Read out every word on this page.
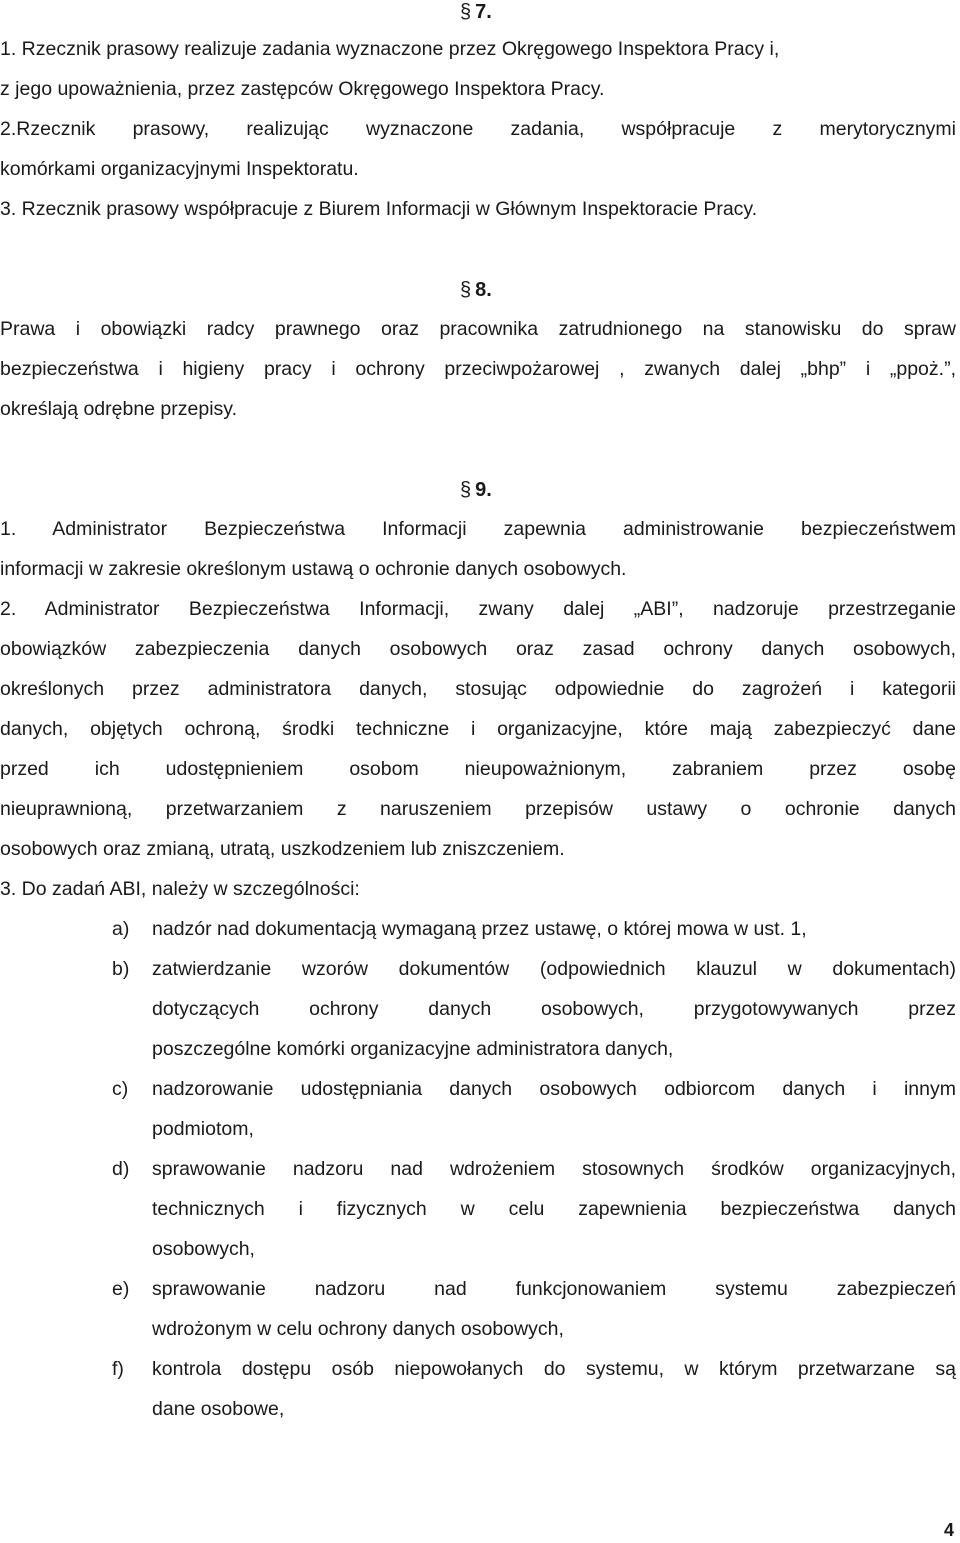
§ 7.
1. Rzecznik prasowy realizuje zadania wyznaczone przez Okręgowego Inspektora Pracy i,
z jego upoważnienia, przez zastępców Okręgowego Inspektora Pracy.
2.Rzecznik prasowy, realizując wyznaczone zadania, współpracuje z merytorycznymi
komórkami organizacyjnymi Inspektoratu.
3. Rzecznik prasowy współpracuje z Biurem Informacji w Głównym Inspektoracie Pracy.
§ 8.
Prawa i obowiązki radcy prawnego oraz pracownika zatrudnionego na stanowisku do spraw
bezpieczeństwa i higieny pracy i ochrony przeciwpożarowej , zwanych dalej „bhp” i „ppoż.”,
określają odrębne przepisy.
§ 9.
1. Administrator Bezpieczeństwa Informacji zapewnia administrowanie bezpieczeństwem
informacji w zakresie określonym ustawą o ochronie danych osobowych.
2. Administrator Bezpieczeństwa Informacji, zwany dalej „ABI”, nadzoruje przestrzeganie
obowiązków zabezpieczenia danych osobowych oraz zasad ochrony danych osobowych,
określonych przez administratora danych, stosując odpowiednie do zagrożeń i kategorii
danych, objętych ochroną, środki techniczne i organizacyjne, które mają zabezpieczyć dane
przed ich udostępnieniem osobom nieupoważnionym, zabraniem przez osobę
nieuprawnioną, przetwarzaniem z naruszeniem przepisów ustawy o ochronie danych
osobowych oraz zmianą, utratą, uszkodzeniem lub zniszczeniem.
3. Do zadań ABI, należy w szczególności:
a) nadzór nad dokumentacją wymaganą przez ustawę, o której mowa w ust. 1,
b) zatwierdzanie wzorów dokumentów (odpowiednich klauzul w dokumentach)
dotyczących ochrony danych osobowych, przygotowywanych przez
poszczególne komórki organizacyjne administratora danych,
c) nadzorowanie udostępniania danych osobowych odbiorcom danych i innym
podmiotom,
d) sprawowanie nadzoru nad wdrożeniem stosownych środków organizacyjnych,
technicznych i fizycznych w celu zapewnienia bezpieczeństwa danych
osobowych,
e) sprawowanie nadzoru nad funkcjonowaniem systemu zabezpieczeń
wdrożonym w celu ochrony danych osobowych,
f) kontrola dostępu osób niepowołanych do systemu, w którym przetwarzane są
dane osobowe,
4
